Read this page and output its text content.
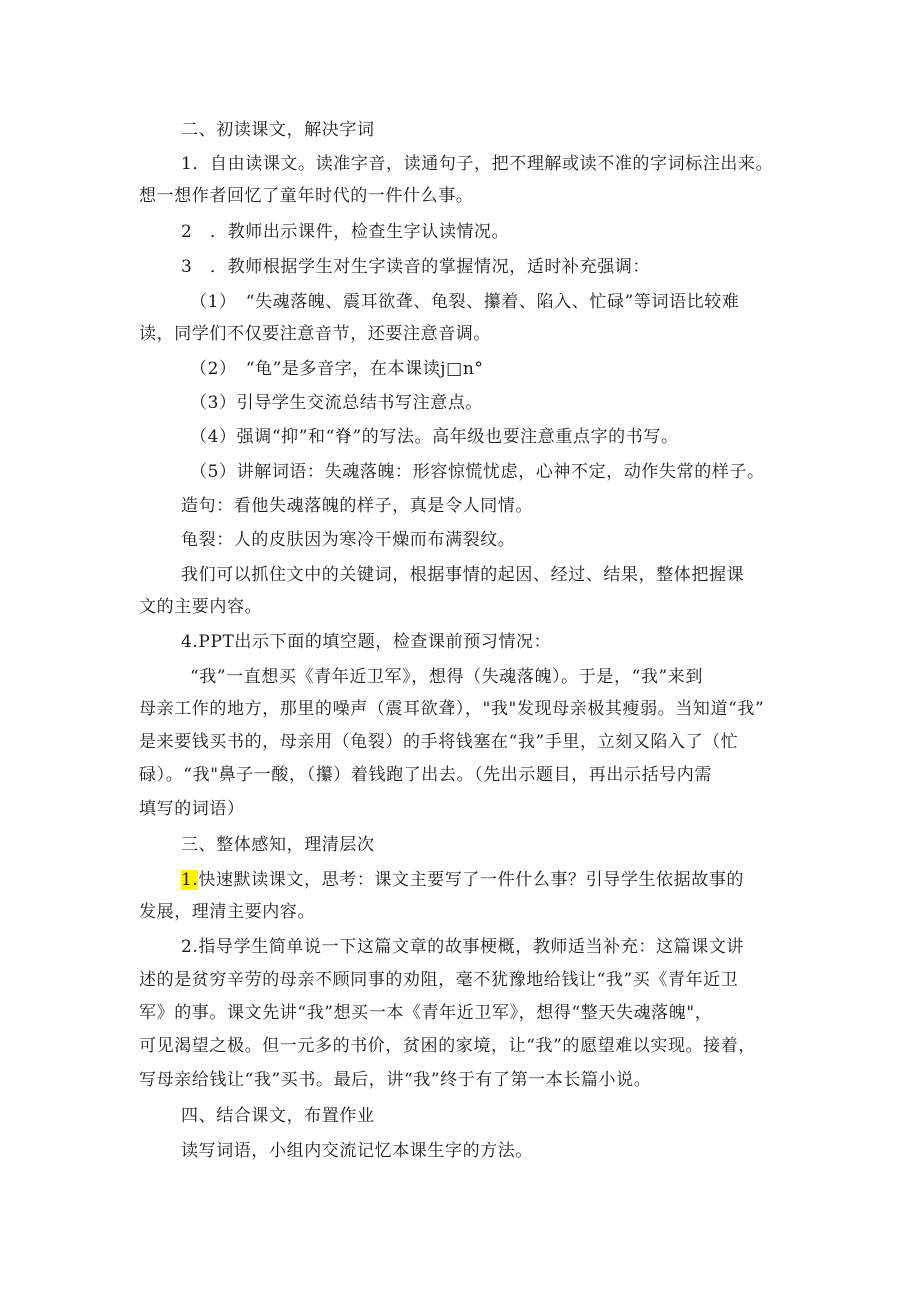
二、初读课文，解决字词
1．自由读课文。读准字音，读通句子，把不理解或读不准的字词标注出来。
想一想作者回忆了童年时代的一件什么事。
2　．教师出示课件，检查生字认读情况。
3　．教师根据学生对生字读音的掌握情况，适时补充强调：
（1）　“失魂落魄、震耳欲聋、龟裂、攥着、陷入、忙碌”等词语比较难
读，同学们不仅要注意音节，还要注意音调。
（2）　“龟”是多音字，在本课读j□n°
（3）引导学生交流总结书写注意点。
（4）强调“抑”和“脊”的写法。高年级也要注意重点字的书写。
（5）讲解词语：失魂落魄：形容惊慌忧虑，心神不定，动作失常的样子。
造句：看他失魂落魄的样子，真是令人同情。
龟裂：人的皮肤因为寒冷干燥而布满裂纹。
我们可以抓住文中的关键词，根据事情的起因、经过、结果，整体把握课
文的主要内容。
4.PPT出示下面的填空题，检查课前预习情况：
“我”一直想买《青年近卫军》，想得（失魂落魄）。于是，“我”来到
母亲工作的地方，那里的噪声（震耳欲聋），"我"发现母亲极其瘦弱。当知道“我”
是来要钱买书的，母亲用（龟裂）的手将钱塞在“我”手里，立刻又陷入了（忙
碌）。“我"鼻子一酸，（攥）着钱跑了出去。（先出示题目，再出示括号内需
填写的词语）
三、整体感知，理清层次
1.快速默读课文，思考：课文主要写了一件什么事？引导学生依据故事的
发展，理清主要内容。
2.指导学生简单说一下这篇文章的故事梗概，教师适当补充：这篇课文讲
述的是贫穷辛劳的母亲不顾同事的劝阻，毫不犹豫地给钱让“我”买《青年近卫
军》的事。课文先讲“我”想买一本《青年近卫军》，想得“整天失魂落魄"，
可见渴望之极。但一元多的书价，贫困的家境，让“我”的愿望难以实现。接着，
写母亲给钱让“我”买书。最后，讲“我”终于有了第一本长篇小说。
四、结合课文，布置作业
读写词语，小组内交流记忆本课生字的方法。
